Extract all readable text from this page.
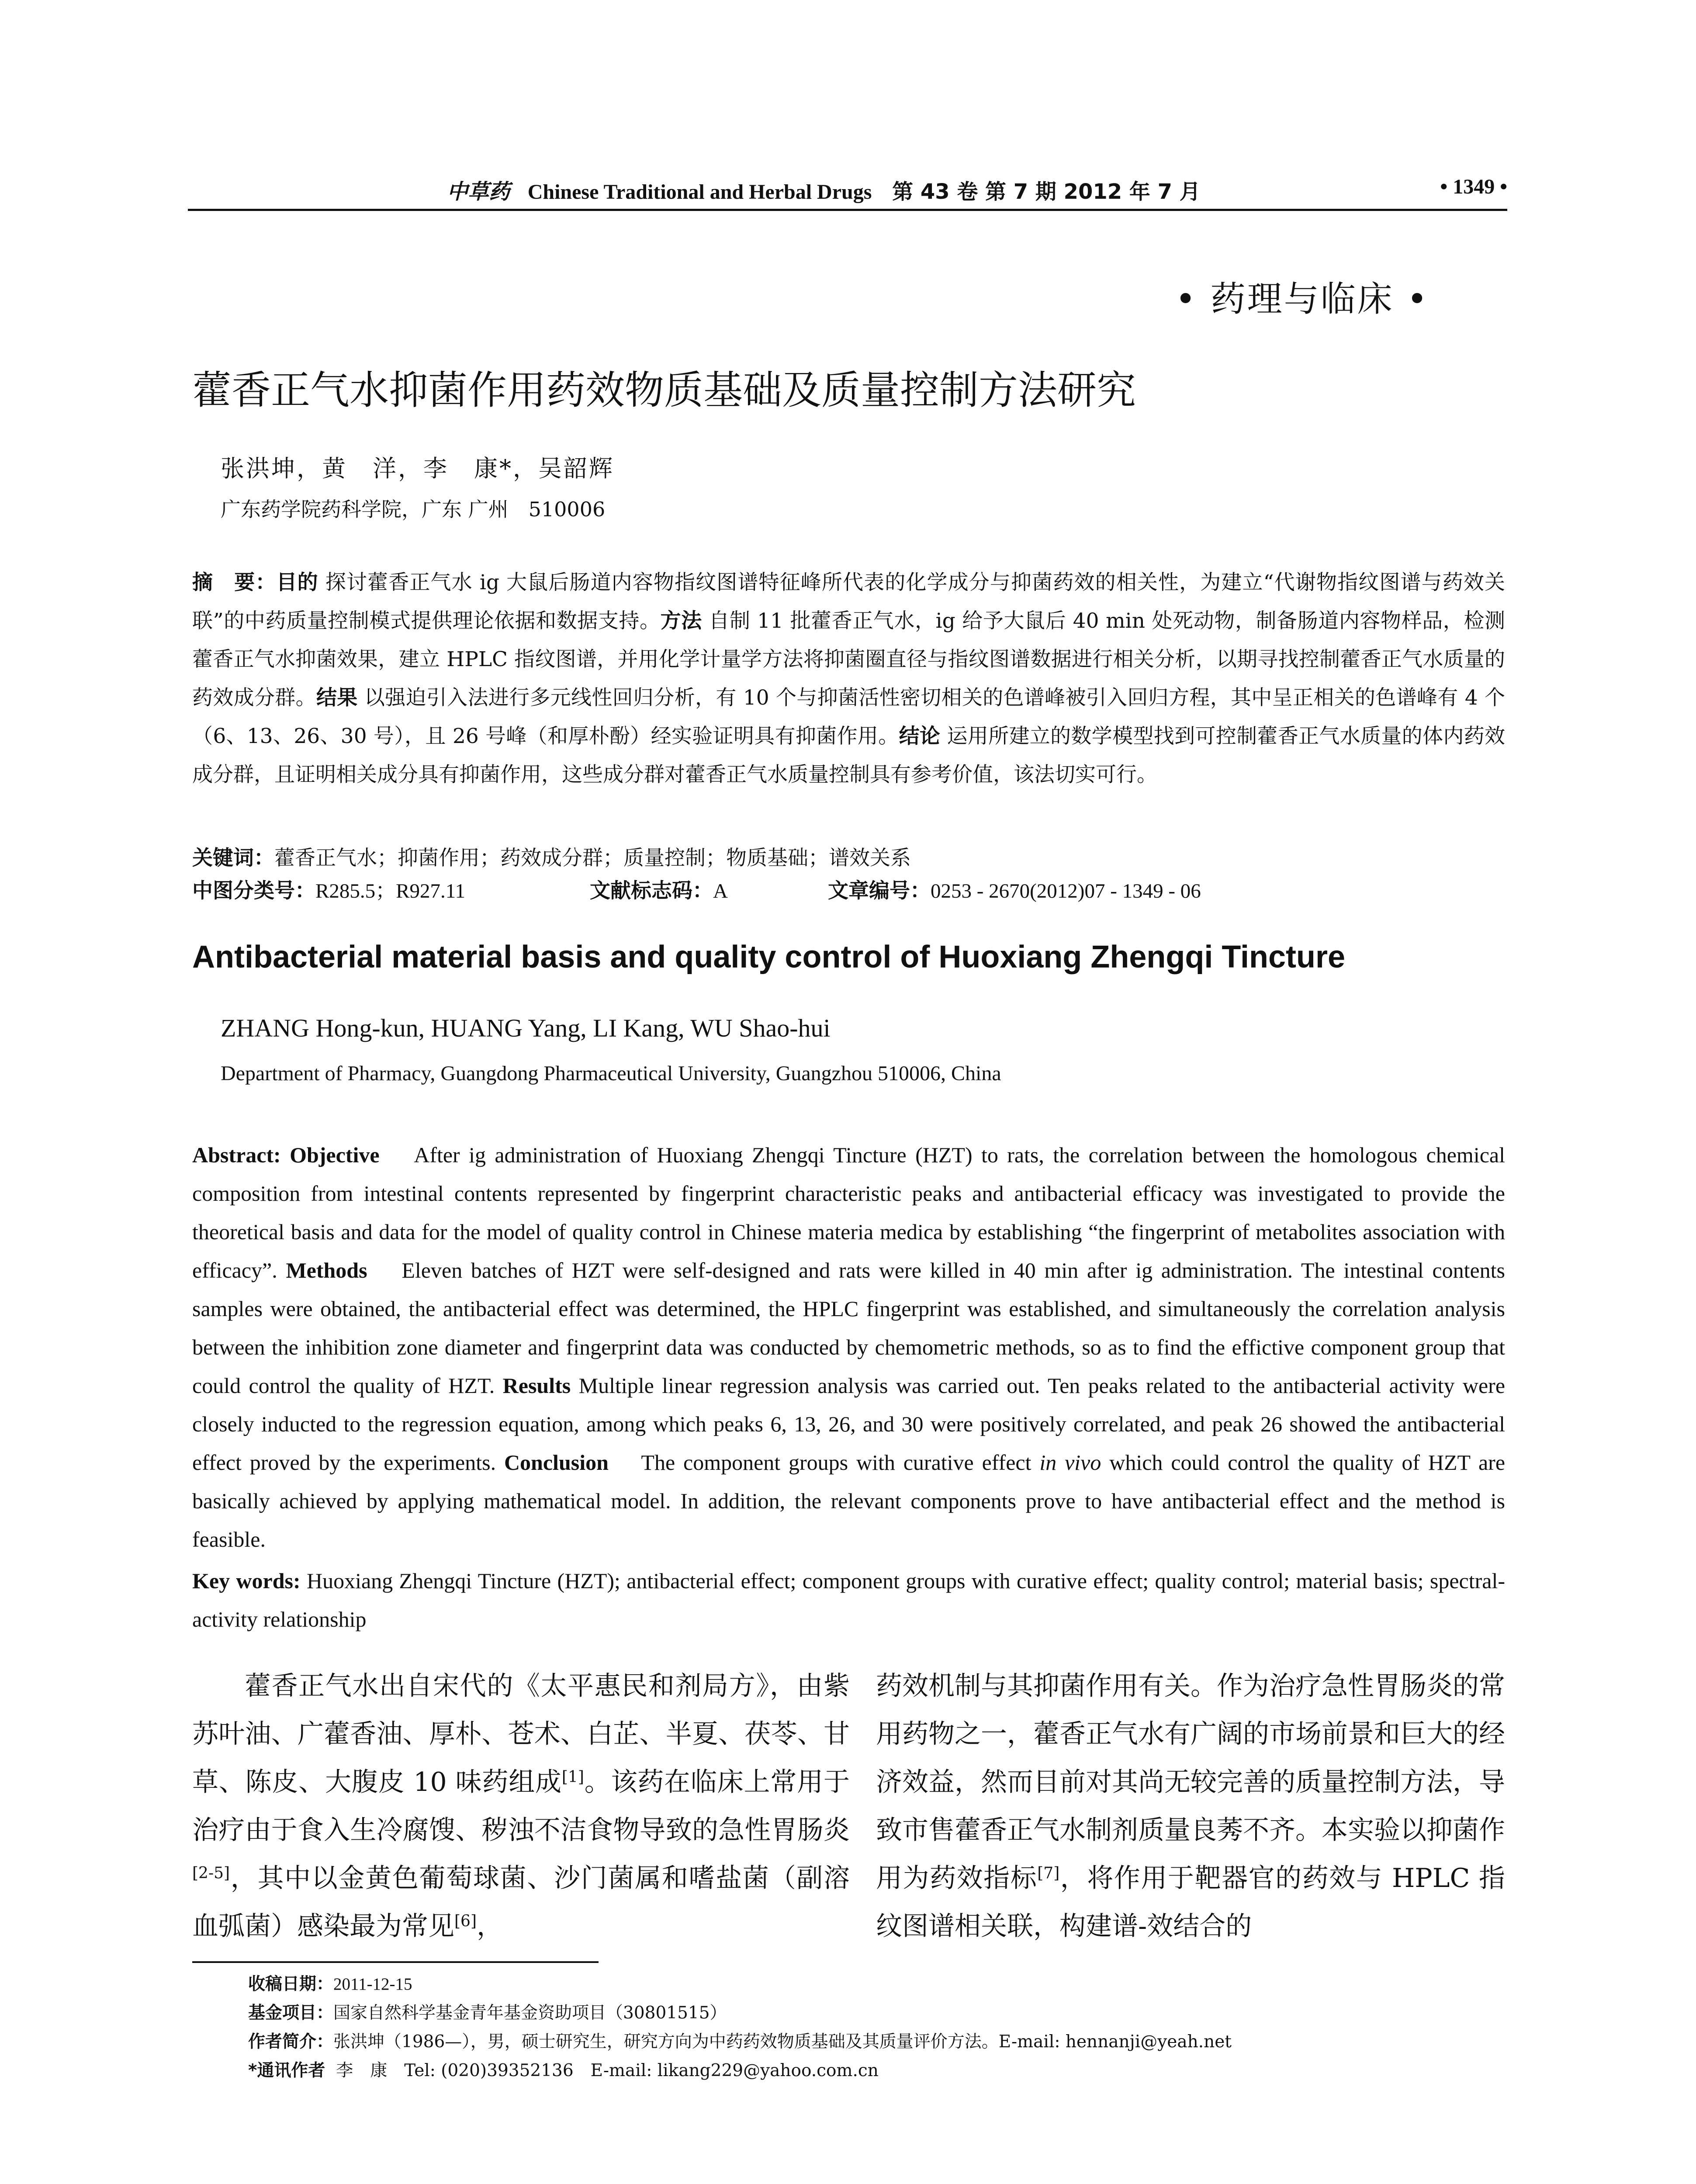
中草药 Chinese Traditional and Herbal Drugs 第 43 卷 第 7 期 2012 年 7 月	• 1349 •
• 药理与临床 •
藿香正气水抑菌作用药效物质基础及质量控制方法研究
张洪坤，黄　洋，李　康*，吴韶辉
广东药学院药科学院，广东 广州　510006
摘　要：目的 探讨藿香正气水 ig 大鼠后肠道内容物指纹图谱特征峰所代表的化学成分与抑菌药效的相关性，为建立“代谢物指纹图谱与药效关联”的中药质量控制模式提供理论依据和数据支持。方法 自制 11 批藿香正气水，ig 给予大鼠后 40 min 处死动物，制备肠道内容物样品，检测藿香正气水抑菌效果，建立 HPLC 指纹图谱，并用化学计量学方法将抑菌圈直径与指纹图谱数据进行相关分析，以期寻找控制藿香正气水质量的药效成分群。结果 以强迫引入法进行多元线性回归分析，有 10 个与抑菌活性密切相关的色谱峰被引入回归方程，其中呈正相关的色谱峰有 4 个（6、13、26、30 号），且 26 号峰（和厚朴酚）经实验证明具有抑菌作用。结论 运用所建立的数学模型找到可控制藿香正气水质量的体内药效成分群，且证明相关成分具有抑菌作用，这些成分群对藿香正气水质量控制具有参考价值，该法切实可行。
关键词：藿香正气水；抑菌作用；药效成分群；质量控制；物质基础；谱效关系
中图分类号：R285.5；R927.11	文献标志码：A	文章编号：0253 - 2670(2012)07 - 1349 - 06
Antibacterial material basis and quality control of Huoxiang Zhengqi Tincture
ZHANG Hong-kun, HUANG Yang, LI Kang, WU Shao-hui
Department of Pharmacy, Guangdong Pharmaceutical University, Guangzhou 510006, China
Abstract: Objective After ig administration of Huoxiang Zhengqi Tincture (HZT) to rats, the correlation between the homologous chemical composition from intestinal contents represented by fingerprint characteristic peaks and antibacterial efficacy was investigated to provide the theoretical basis and data for the model of quality control in Chinese materia medica by establishing “the fingerprint of metabolites association with efficacy”. Methods Eleven batches of HZT were self-designed and rats were killed in 40 min after ig administration. The intestinal contents samples were obtained, the antibacterial effect was determined, the HPLC fingerprint was established, and simultaneously the correlation analysis between the inhibition zone diameter and fingerprint data was conducted by chemometric methods, so as to find the effictive component group that could control the quality of HZT. Results Multiple linear regression analysis was carried out. Ten peaks related to the antibacterial activity were closely inducted to the regression equation, among which peaks 6, 13, 26, and 30 were positively correlated, and peak 26 showed the antibacterial effect proved by the experiments. Conclusion The component groups with curative effect in vivo which could control the quality of HZT are basically achieved by applying mathematical model. In addition, the relevant components prove to have antibacterial effect and the method is feasible.
Key words: Huoxiang Zhengqi Tincture (HZT); antibacterial effect; component groups with curative effect; quality control; material basis; spectral-activity relationship
藿香正气水出自宋代的《太平惠民和剂局方》，由紫苏叶油、广藿香油、厚朴、苍术、白芷、半夏、茯苓、甘草、陈皮、大腹皮 10 味药组成[1]。该药在临床上常用于治疗由于食入生冷腐馊、秽浊不洁食物导致的急性胃肠炎[2-5]，其中以金黄色葡萄球菌、沙门菌属和嗜盐菌（副溶血弧菌）感染最为常见[6]，
药效机制与其抑菌作用有关。作为治疗急性胃肠炎的常用药物之一，藿香正气水有广阔的市场前景和巨大的经济效益，然而目前对其尚无较完善的质量控制方法，导致市售藿香正气水制剂质量良莠不齐。本实验以抑菌作用为药效指标[7]，将作用于靶器官的药效与 HPLC 指纹图谱相关联，构建谱-效结合的
收稿日期：2011-12-15
基金项目：国家自然科学基金青年基金资助项目（30801515）
作者简介：张洪坤（1986—），男，硕士研究生，研究方向为中药药效物质基础及其质量评价方法。E-mail: hennanji@yeah.net
*通讯作者 李　康　Tel: (020)39352136　E-mail: likang229@yahoo.com.cn
